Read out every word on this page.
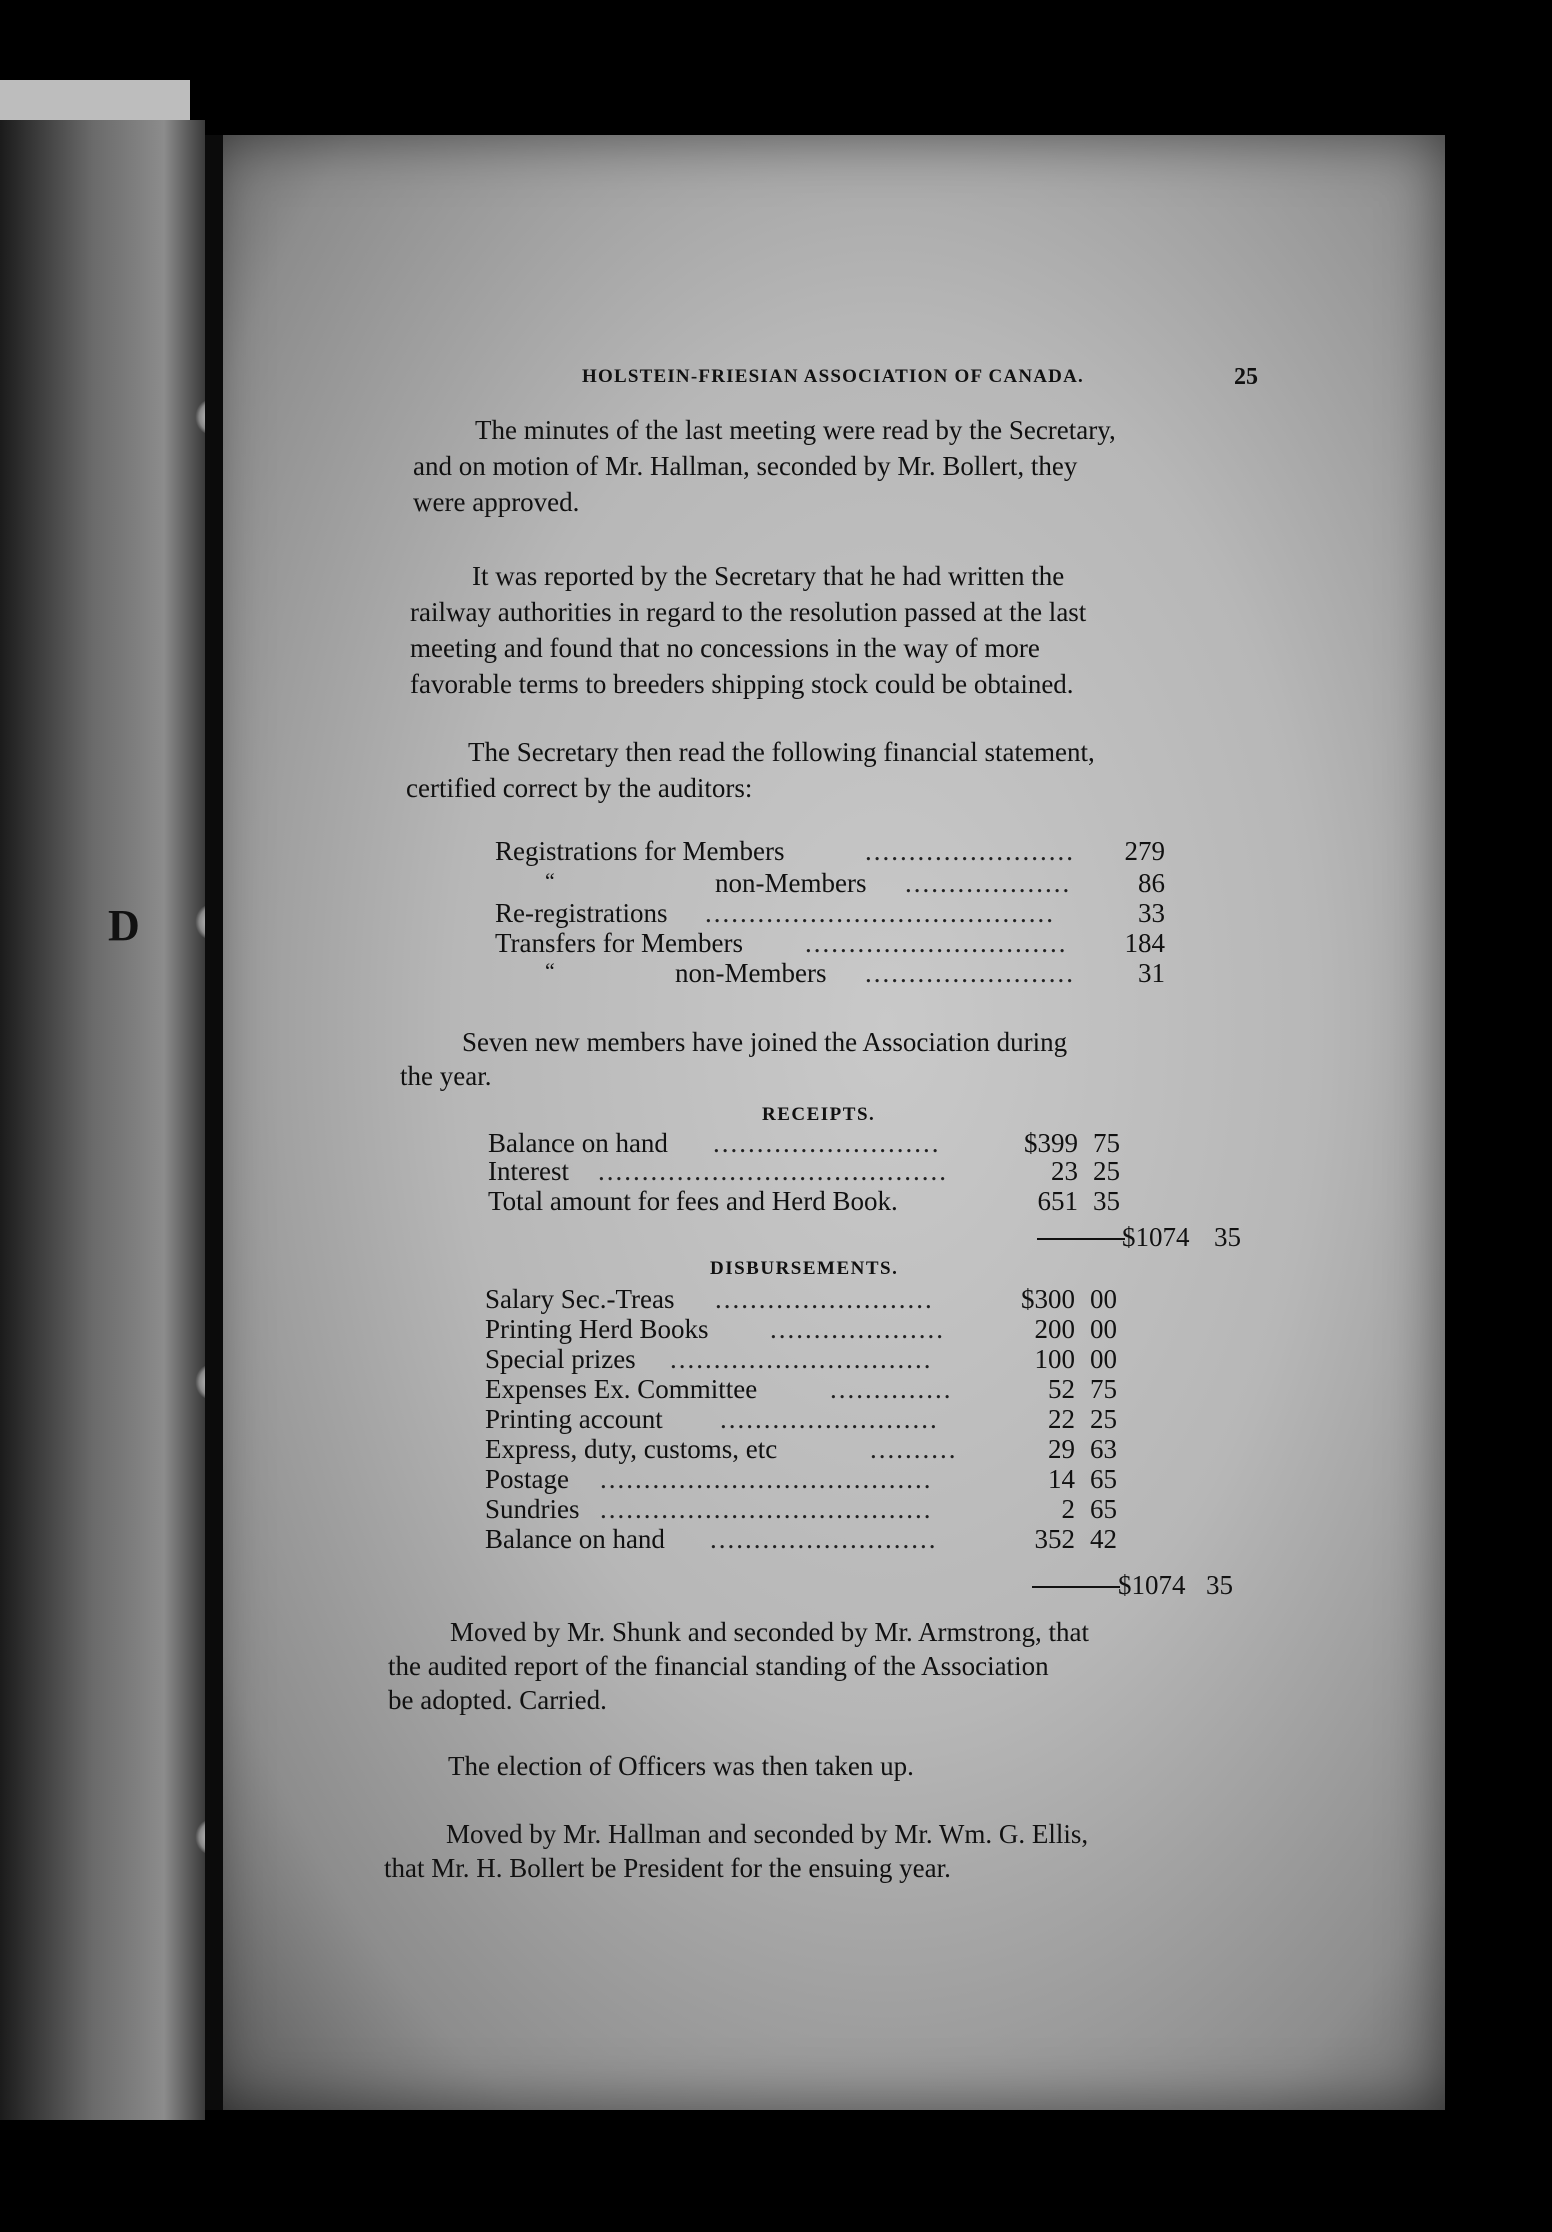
D
HOLSTEIN-FRIESIAN ASSOCIATION OF CANADA.	25
The minutes of the last meeting were read by the Secretary,
and on motion of Mr. Hallman, seconded by Mr. Bollert, they
were approved.
It was reported by the Secretary that he had written the
railway authorities in regard to the resolution passed at the last
meeting and found that no concessions in the way of more
favorable terms to breeders shipping stock could be obtained.
The Secretary then read the following financial statement,
certified correct by the auditors:
Registrations for Members	........................	279
“	non-Members ...................	86
Re-registrations ........................................	33
Transfers for Members ..............................	184
“	non-Members ........................	31
Seven new members have joined the Association during
the year.
RECEIPTS.
Balance on hand ..........................	$399 75
Interest ........................................	23 25
Total amount for fees and Herd Book.	651 35
$1074 35
DISBURSEMENTS.
Salary Sec.-Treas .........................	$300 00
Printing Herd Books ....................	200 00
Special prizes ..............................	100 00
Expenses Ex. Committee	..............	52 75
Printing account .........................	22 25
Express, duty, customs, etc	..........	29 63
Postage ......................................	14 65
Sundries ......................................	2 65
Balance on hand ..........................	352 42
$1074 35
Moved by Mr. Shunk and seconded by Mr. Armstrong, that
the audited report of the financial standing of the Association
be adopted. Carried.
The election of Officers was then taken up.
Moved by Mr. Hallman and seconded by Mr. Wm. G. Ellis,
that Mr. H. Bollert be President for the ensuing year.
